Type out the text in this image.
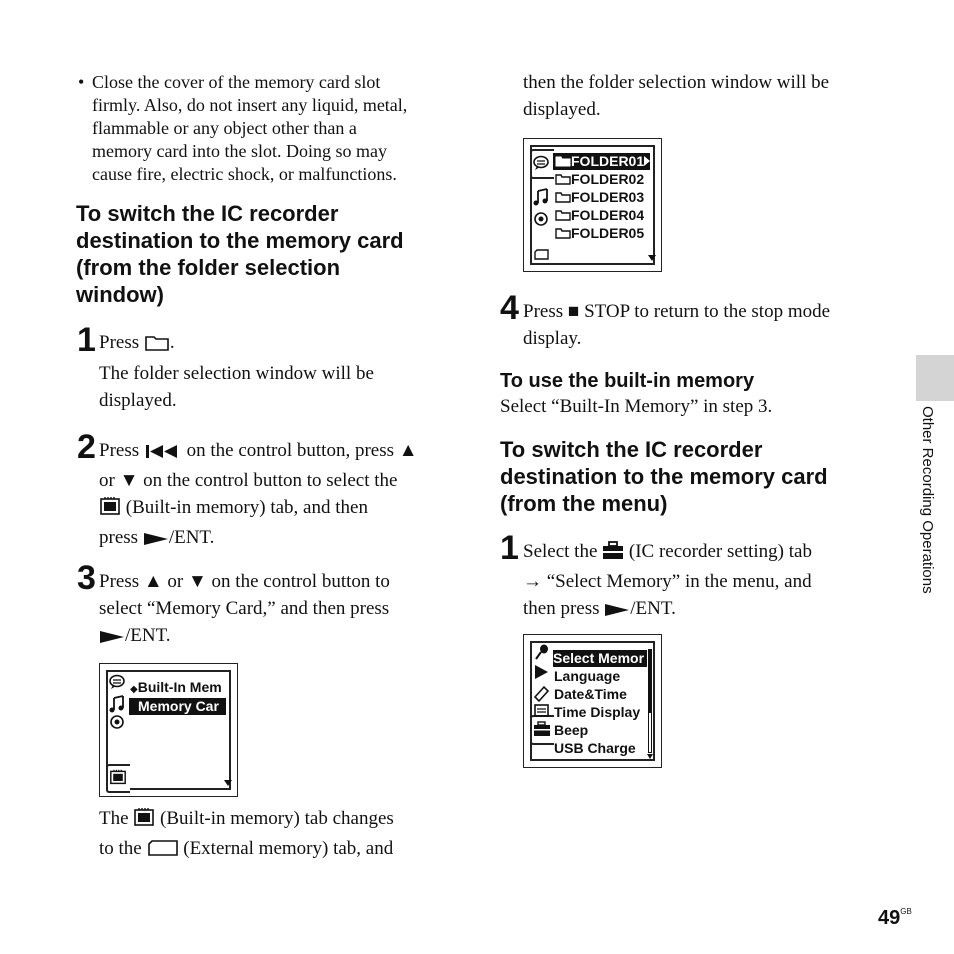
• Close the cover of the memory card slot
firmly. Also, do not insert any liquid, metal,
flammable or any object other than a
memory card into the slot. Doing so may
cause fire, electric shock, or malfunctions.
To switch the IC recorder
destination to the memory card
(from the folder selection
window)
1 Press .
The folder selection window will be
displayed.
2 Press	on the control button, press ▲
or ▼ on the control button to select the
(Built-in memory) tab, and then
press /ENT.
3 Press ▲ or ▼ on the control button to
select “Memory Card,” and then press
/ENT.
◆Built-In Mem
Memory Car
The (Built-in memory) tab changes
to the (External memory) tab, and
then the folder selection window will be
displayed.
FOLDER01
FOLDER02
FOLDER03
FOLDER04
FOLDER05
4 Press ■ STOP to return to the stop mode
display.
To use the built-in memory
Select “Built-In Memory” in step 3.
To switch the IC recorder
destination to the memory card
(from the menu)
1 Select the (IC recorder setting) tab
→ “Select Memory” in the menu, and
then press /ENT.
Select Memor
Language
Date&Time
Time Display
Beep
USB Charge
Other Recording Operations
$49^{GB}$
